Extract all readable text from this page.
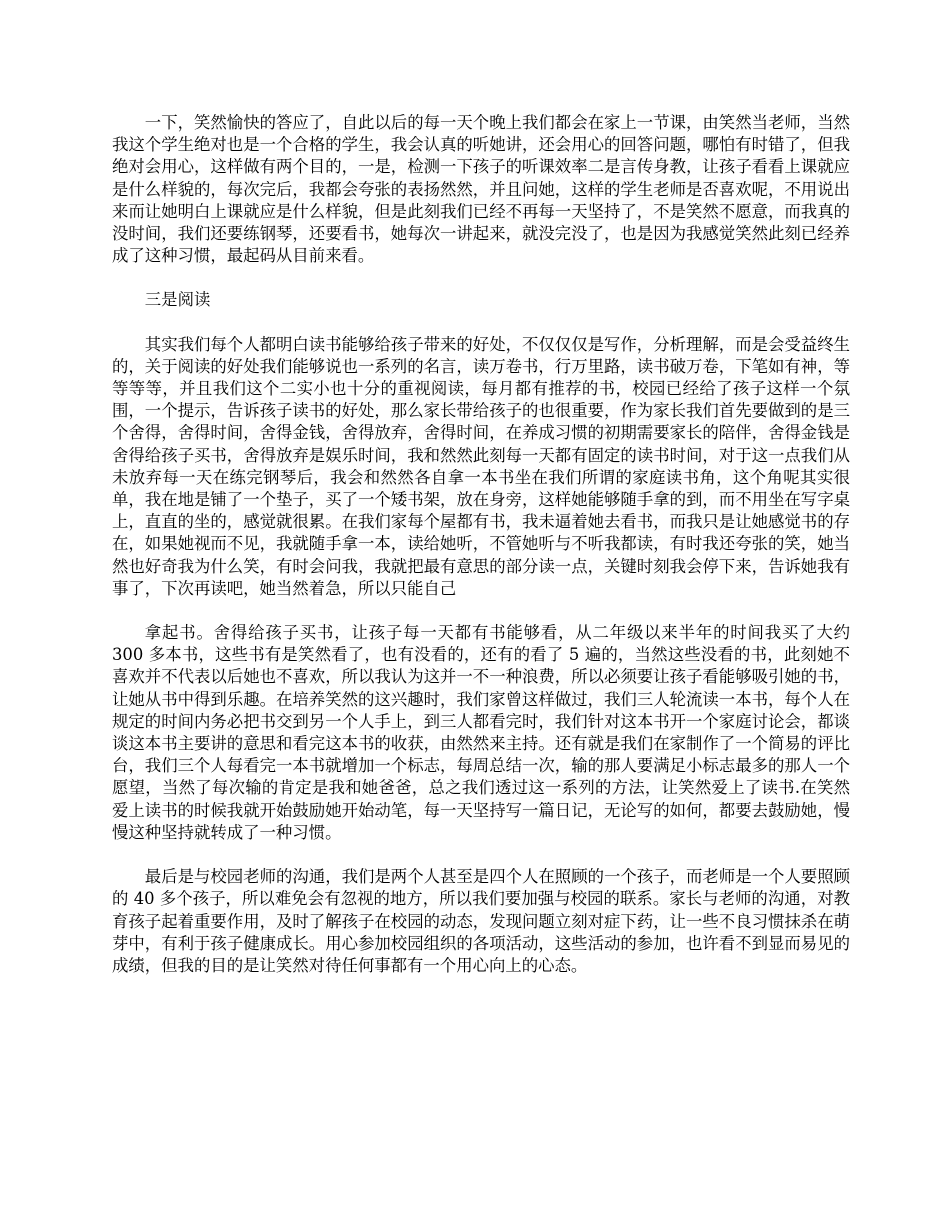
一下，笑然愉快的答应了，自此以后的每一天个晚上我们都会在家上一节课，由笑然当老师，当然我这个学生绝对也是一个合格的学生，我会认真的听她讲，还会用心的回答问题，哪怕有时错了，但我绝对会用心，这样做有两个目的，一是，检测一下孩子的听课效率二是言传身教，让孩子看看上课就应是什么样貌的，每次完后，我都会夸张的表扬然然，并且问她，这样的学生老师是否喜欢呢，不用说出来而让她明白上课就应是什么样貌，但是此刻我们已经不再每一天坚持了，不是笑然不愿意，而我真的没时间，我们还要练钢琴，还要看书，她每次一讲起来，就没完没了，也是因为我感觉笑然此刻已经养成了这种习惯，最起码从目前来看。

三是阅读

其实我们每个人都明白读书能够给孩子带来的好处，不仅仅仅是写作，分析理解，而是会受益终生的，关于阅读的好处我们能够说也一系列的名言，读万卷书，行万里路，读书破万卷，下笔如有神，等等等等，并且我们这个二实小也十分的重视阅读，每月都有推荐的书，校园已经给了孩子这样一个氛围，一个提示，告诉孩子读书的好处，那么家长带给孩子的也很重要，作为家长我们首先要做到的是三个舍得，舍得时间，舍得金钱，舍得放弃，舍得时间，在养成习惯的初期需要家长的陪伴，舍得金钱是舍得给孩子买书，舍得放弃是娱乐时间，我和然然此刻每一天都有固定的读书时间，对于这一点我们从未放弃每一天在练完钢琴后，我会和然然各自拿一本书坐在我们所谓的家庭读书角，这个角呢其实很单，我在地是铺了一个垫子，买了一个矮书架，放在身旁，这样她能够随手拿的到，而不用坐在写字桌上，直直的坐的，感觉就很累。在我们家每个屋都有书，我未逼着她去看书，而我只是让她感觉书的存在，如果她视而不见，我就随手拿一本，读给她听，不管她听与不听我都读，有时我还夸张的笑，她当然也好奇我为什么笑，有时会问我，我就把最有意思的部分读一点，关键时刻我会停下来，告诉她我有事了，下次再读吧，她当然着急，所以只能自己

拿起书。舍得给孩子买书，让孩子每一天都有书能够看，从二年级以来半年的时间我买了大约 300 多本书，这些书有是笑然看了，也有没看的，还有的看了 5 遍的，当然这些没看的书，此刻她不喜欢并不代表以后她也不喜欢，所以我认为这并一不一种浪费，所以必须要让孩子看能够吸引她的书，让她从书中得到乐趣。在培养笑然的这兴趣时，我们家曾这样做过，我们三人轮流读一本书，每个人在规定的时间内务必把书交到另一个人手上，到三人都看完时，我们针对这本书开一个家庭讨论会，都谈谈这本书主要讲的意思和看完这本书的收获，由然然来主持。还有就是我们在家制作了一个简易的评比台，我们三个人每看完一本书就增加一个标志，每周总结一次，输的那人要满足小标志最多的那人一个愿望，当然了每次输的肯定是我和她爸爸，总之我们透过这一系列的方法，让笑然爱上了读书.在笑然爱上读书的时候我就开始鼓励她开始动笔，每一天坚持写一篇日记，无论写的如何，都要去鼓励她，慢慢这种坚持就转成了一种习惯。

最后是与校园老师的沟通，我们是两个人甚至是四个人在照顾的一个孩子，而老师是一个人要照顾的 40 多个孩子，所以难免会有忽视的地方，所以我们要加强与校园的联系。家长与老师的沟通，对教育孩子起着重要作用，及时了解孩子在校园的动态，发现问题立刻对症下药，让一些不良习惯抹杀在萌芽中，有利于孩子健康成长。用心参加校园组织的各项活动，这些活动的参加，也许看不到显而易见的成绩，但我的目的是让笑然对待任何事都有一个用心向上的心态。
